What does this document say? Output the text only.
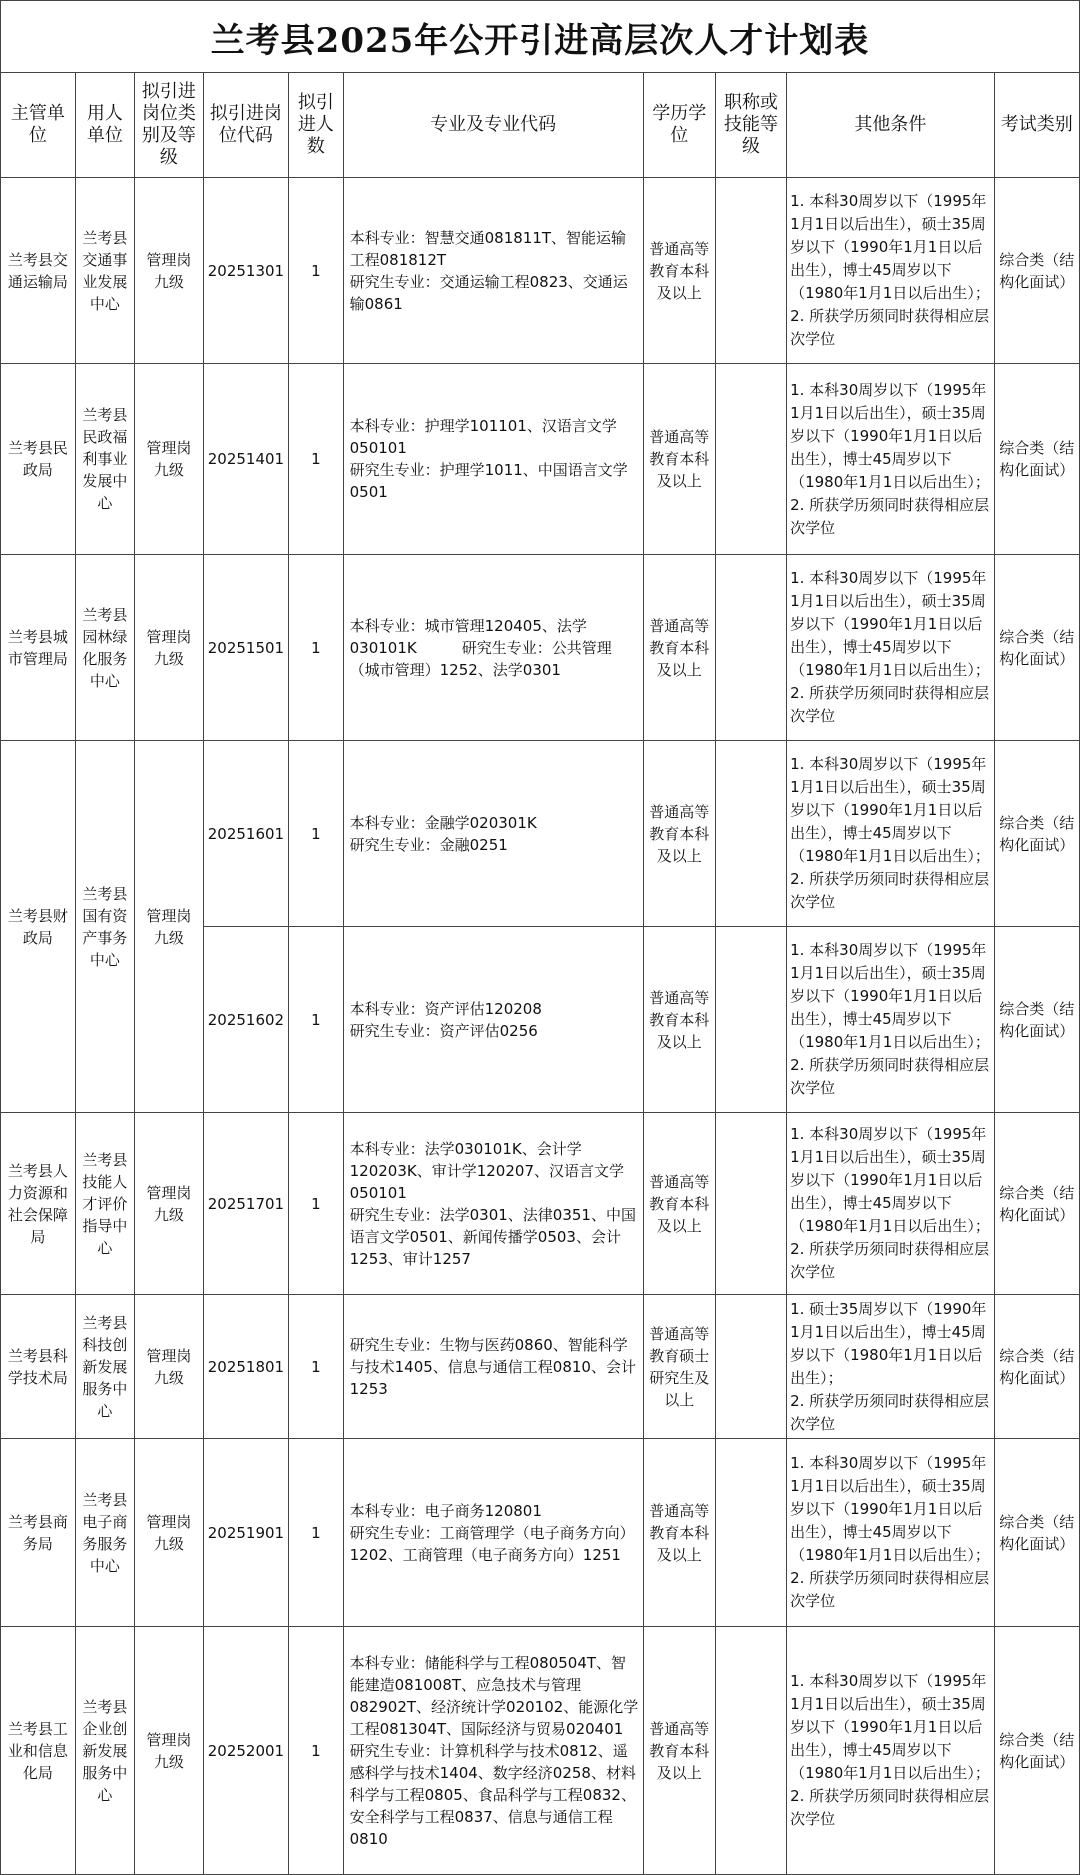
兰考县2025年公开引进高层次人才计划表
主管单位	用人单位	拟引进岗位类别及等级	拟引进岗位代码	拟引进人数	专业及专业代码	学历学位	职称或技能等级	其他条件	考试类别
兰考县交通运输局	兰考县交通事业发展中心	管理岗九级	20251301	1	本科专业：智慧交通081811T、智能运输工程081812T
研究生专业：交通运输工程0823、交通运输0861	普通高等教育本科及以上		1. 本科30周岁以下（1995年1月1日以后出生），硕士35周岁以下（1990年1月1日以后出生），博士45周岁以下（1980年1月1日以后出生）；
2. 所获学历须同时获得相应层次学位	综合类（结构化面试）
兰考县民政局	兰考县民政福利事业发展中心	管理岗九级	20251401	1	本科专业：护理学101101、汉语言文学050101
研究生专业：护理学1011、中国语言文学0501	普通高等教育本科及以上		1. 本科30周岁以下（1995年1月1日以后出生），硕士35周岁以下（1990年1月1日以后出生），博士45周岁以下（1980年1月1日以后出生）；
2. 所获学历须同时获得相应层次学位	综合类（结构化面试）
兰考县城市管理局	兰考县园林绿化服务中心	管理岗九级	20251501	1	本科专业：城市管理120405、法学030101K　　　研究生专业：公共管理（城市管理）1252、法学0301	普通高等教育本科及以上		1. 本科30周岁以下（1995年1月1日以后出生），硕士35周岁以下（1990年1月1日以后出生），博士45周岁以下（1980年1月1日以后出生）；
2. 所获学历须同时获得相应层次学位	综合类（结构化面试）
兰考县财政局	兰考县国有资产事务中心	管理岗九级	20251601	1	本科专业：金融学020301K
研究生专业：金融0251	普通高等教育本科及以上		1. 本科30周岁以下（1995年1月1日以后出生），硕士35周岁以下（1990年1月1日以后出生），博士45周岁以下（1980年1月1日以后出生）；
2. 所获学历须同时获得相应层次学位	综合类（结构化面试）
			20251602	1	本科专业：资产评估120208
研究生专业：资产评估0256	普通高等教育本科及以上		1. 本科30周岁以下（1995年1月1日以后出生），硕士35周岁以下（1990年1月1日以后出生），博士45周岁以下（1980年1月1日以后出生）；
2. 所获学历须同时获得相应层次学位	综合类（结构化面试）
兰考县人力资源和社会保障局	兰考县技能人才评价指导中心	管理岗九级	20251701	1	本科专业：法学030101K、会计学120203K、审计学120207、汉语言文学050101
研究生专业：法学0301、法律0351、中国语言文学0501、新闻传播学0503、会计1253、审计1257	普通高等教育本科及以上		1. 本科30周岁以下（1995年1月1日以后出生），硕士35周岁以下（1990年1月1日以后出生），博士45周岁以下（1980年1月1日以后出生）；
2. 所获学历须同时获得相应层次学位	综合类（结构化面试）
兰考县科学技术局	兰考县科技创新发展服务中心	管理岗九级	20251801	1	研究生专业：生物与医药0860、智能科学与技术1405、信息与通信工程0810、会计1253	普通高等教育硕士研究生及以上		1. 硕士35周岁以下（1990年1月1日以后出生），博士45周岁以下（1980年1月1日以后出生）；
2. 所获学历须同时获得相应层次学位	综合类（结构化面试）
兰考县商务局	兰考县电子商务服务中心	管理岗九级	20251901	1	本科专业：电子商务120801
研究生专业：工商管理学（电子商务方向）1202、工商管理（电子商务方向）1251	普通高等教育本科及以上		1. 本科30周岁以下（1995年1月1日以后出生），硕士35周岁以下（1990年1月1日以后出生），博士45周岁以下（1980年1月1日以后出生）；
2. 所获学历须同时获得相应层次学位	综合类（结构化面试）
兰考县工业和信息化局	兰考县企业创新发展服务中心	管理岗九级	20252001	1	本科专业：储能科学与工程080504T、智能建造081008T、应急技术与管理082902T、经济统计学020102、能源化学工程081304T、国际经济与贸易020401
研究生专业：计算机科学与技术0812、遥感科学与技术1404、数字经济0258、材料科学与工程0805、食品科学与工程0832、安全科学与工程0837、信息与通信工程0810	普通高等教育本科及以上		1. 本科30周岁以下（1995年1月1日以后出生），硕士35周岁以下（1990年1月1日以后出生），博士45周岁以下（1980年1月1日以后出生）；
2. 所获学历须同时获得相应层次学位	综合类（结构化面试）
